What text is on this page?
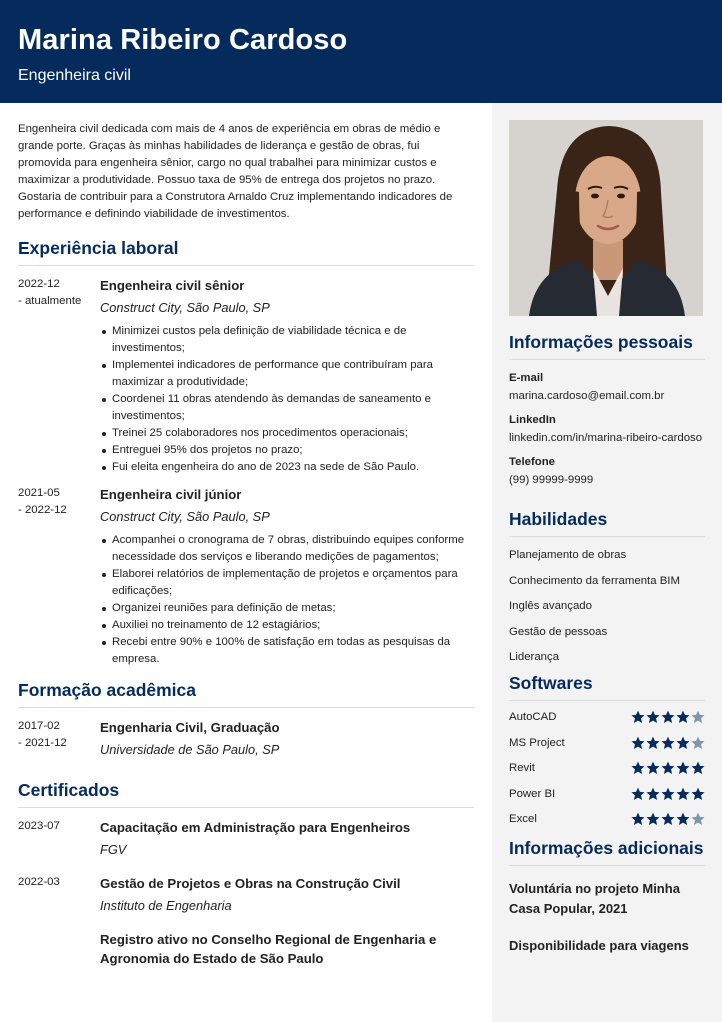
Marina Ribeiro Cardoso
Engenheira civil

Engenheira civil dedicada com mais de 4 anos de experiência em obras de médio e grande porte. Graças às minhas habilidades de liderança e gestão de obras, fui promovida para engenheira sênior, cargo no qual trabalhei para minimizar custos e maximizar a produtividade. Possuo taxa de 95% de entrega dos projetos no prazo. Gostaria de contribuir para a Construtora Arnaldo Cruz implementando indicadores de performance e definindo viabilidade de investimentos.

Experiência laboral
2022-12
- atualmente
Engenheira civil sênior
Construct City, São Paulo, SP
Minimizei custos pela definição de viabilidade técnica e de investimentos;
Implementei indicadores de performance que contribuíram para maximizar a produtividade;
Coordenei 11 obras atendendo às demandas de saneamento e investimentos;
Treinei 25 colaboradores nos procedimentos operacionais;
Entreguei 95% dos projetos no prazo;
Fui eleita engenheira do ano de 2023 na sede de São Paulo.
2021-05
- 2022-12
Engenheira civil júnior
Construct City, São Paulo, SP
Acompanhei o cronograma de 7 obras, distribuindo equipes conforme necessidade dos serviços e liberando medições de pagamentos;
Elaborei relatórios de implementação de projetos e orçamentos para edificações;
Organizei reuniões para definição de metas;
Auxiliei no treinamento de 12 estagiários;
Recebi entre 90% e 100% de satisfação em todas as pesquisas da empresa.
Formação acadêmica
2017-02
- 2021-12
Engenharia Civil, Graduação
Universidade de São Paulo, SP
Certificados
2023-07	Capacitação em Administração para Engenheiros
FGV
2022-03	Gestão de Projetos e Obras na Construção Civil
Instituto de Engenharia
Registro ativo no Conselho Regional de Engenharia e Agronomia do Estado de São Paulo
Informações pessoais
E-mail
marina.cardoso@email.com.br
LinkedIn
linkedin.com/in/marina-ribeiro-cardoso
Telefone
(99) 99999-9999
Habilidades
Planejamento de obras
Conhecimento da ferramenta BIM
Inglês avançado
Gestão de pessoas
Liderança
Softwares
AutoCAD
MS Project
Revit
Power BI
Excel
Informações adicionais
Voluntária no projeto Minha Casa Popular, 2021
Disponibilidade para viagens
